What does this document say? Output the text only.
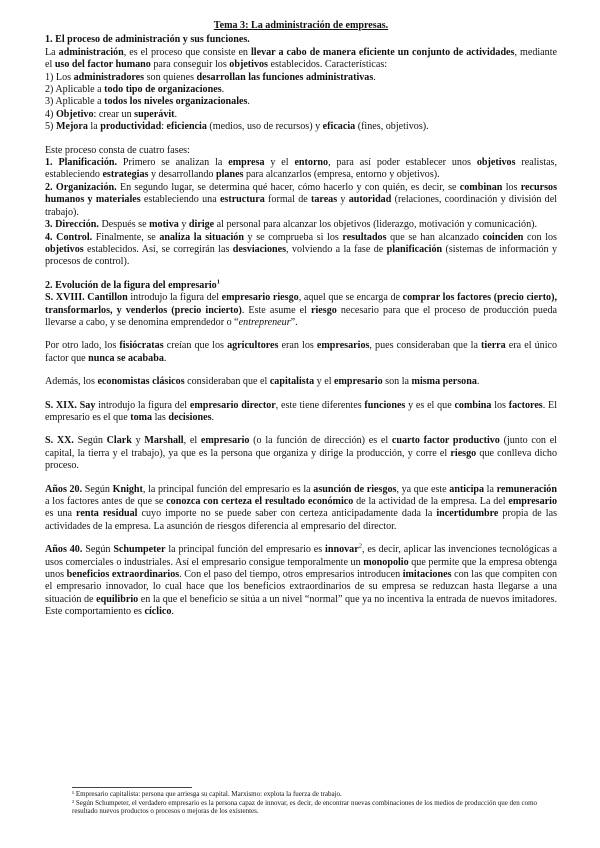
Tema 3: La administración de empresas.

1. El proceso de administración y sus funciones.

La administración, es el proceso que consiste en llevar a cabo de manera eficiente un conjunto de actividades, mediante el uso del factor humano para conseguir los objetivos establecidos. Características:

1) Los administradores son quienes desarrollan las funciones administrativas.

2) Aplicable a todo tipo de organizaciones.

3) Aplicable a todos los niveles organizacionales.

4) Objetivo: crear un superávit.

5) Mejora la productividad: eficiencia (medios, uso de recursos) y eficacia (fines, objetivos).

Este proceso consta de cuatro fases:

1. Planificación. Primero se analizan la empresa y el entorno, para así poder establecer unos objetivos realistas, estableciendo estrategias y desarrollando planes para alcanzarlos (empresa, entorno y objetivos).

2. Organización. En segundo lugar, se determina qué hacer, cómo hacerlo y con quién, es decir, se combinan los recursos humanos y materiales estableciendo una estructura formal de tareas y autoridad (relaciones, coordinación y división del trabajo).

3. Dirección. Después se motiva y dirige al personal para alcanzar los objetivos (liderazgo, motivación y comunicación).

4. Control. Finalmente, se analiza la situación y se comprueba si los resultados que se han alcanzado coinciden con los objetivos establecidos. Así, se corregirán las desviaciones, volviendo a la fase de planificación (sistemas de información y procesos de control).

2. Evolución de la figura del empresario$^1$

S. XVIII. Cantillon introdujo la figura del empresario riesgo, aquel que se encarga de comprar los factores (precio cierto), transformarlos, y venderlos (precio incierto). Este asume el riesgo necesario para que el proceso de producción pueda llevarse a cabo, y se denomina emprendedor o “entrepreneur”.

Por otro lado, los fisiócratas creían que los agricultores eran los empresarios, pues consideraban que la tierra era el único factor que nunca se acababa.

Además, los economistas clásicos consideraban que el capitalista y el empresario son la misma persona.

S. XIX. Say introdujo la figura del empresario director, este tiene diferentes funciones y es el que combina los factores. El empresario es el que toma las decisiones.

S. XX. Según Clark y Marshall, el empresario (o la función de dirección) es el cuarto factor productivo (junto con el capital, la tierra y el trabajo), ya que es la persona que organiza y dirige la producción, y corre el riesgo que conlleva dicho proceso.

Años 20. Según Knight, la principal función del empresario es la asunción de riesgos, ya que este anticipa la remuneración a los factores antes de que se conozca con certeza el resultado económico de la actividad de la empresa. La del empresario es una renta residual cuyo importe no se puede saber con certeza anticipadamente dada la incertidumbre propia de las actividades de la empresa. La asunción de riesgos diferencia al empresario del director.

Años 40. Según Schumpeter la principal función del empresario es innovar$^2$, es decir, aplicar las invenciones tecnológicas a usos comerciales o industriales. Así el empresario consigue temporalmente un monopolio que permite que la empresa obtenga unos beneficios extraordinarios. Con el paso del tiempo, otros empresarios introducen imitaciones con las que compiten con el empresario innovador, lo cual hace que los beneficios extraordinarios de su empresa se reduzcan hasta llegarse a una situación de equilibrio en la que el beneficio se sitúa a un nivel “normal” que ya no incentiva la entrada de nuevos imitadores. Este comportamiento es cíclico.

¹ Empresario capitalista: persona que arriesga su capital. Marxismo: explota la fuerza de trabajo.

² Según Schumpeter, el verdadero empresario es la persona capaz de innovar, es decir, de encontrar nuevas combinaciones de los medios de producción que den como resultado nuevos productos o procesos o mejoras de los existentes.
